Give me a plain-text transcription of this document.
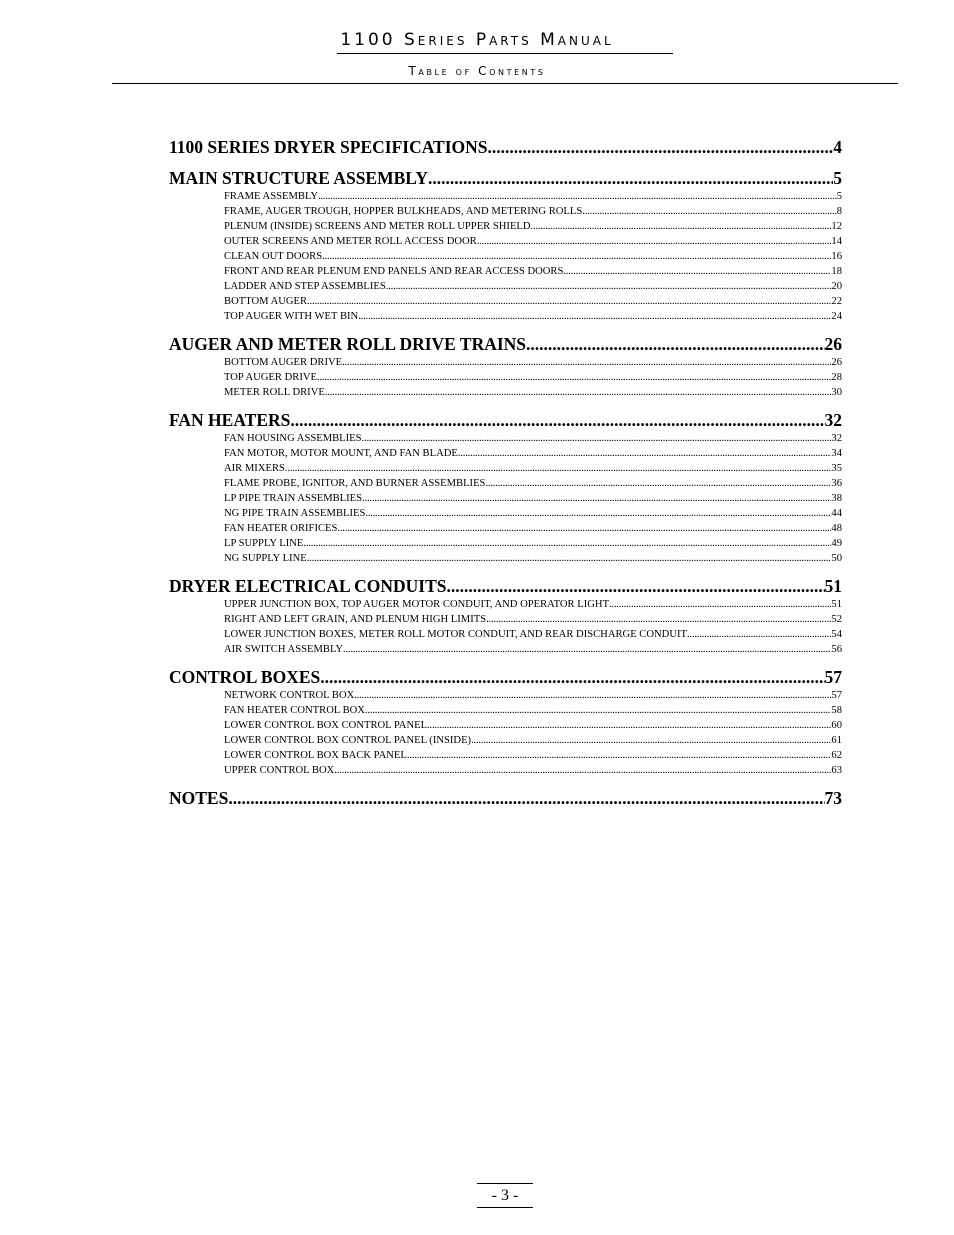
1100 Series Parts Manual
Table of Contents
1100 SERIES DRYER SPECIFICATIONS .....	4
MAIN STRUCTURE ASSEMBLY .....	5
FRAME ASSEMBLY .....	5
FRAME, AUGER TROUGH, HOPPER BULKHEADS, AND METERING ROLLS .....	8
PLENUM (INSIDE) SCREENS AND METER ROLL UPPER SHIELD .....	12
OUTER SCREENS AND METER ROLL ACCESS DOOR .....	14
CLEAN OUT DOORS .....	16
FRONT AND REAR PLENUM END PANELS AND REAR ACCESS DOORS .....	18
LADDER AND STEP ASSEMBLIES .....	20
BOTTOM AUGER .....	22
TOP AUGER WITH WET BIN .....	24
AUGER AND METER ROLL DRIVE TRAINS .....	26
BOTTOM AUGER DRIVE .....	26
TOP AUGER DRIVE .....	28
METER ROLL DRIVE .....	30
FAN HEATERS .....	32
FAN HOUSING ASSEMBLIES .....	32
FAN MOTOR, MOTOR MOUNT, AND FAN BLADE .....	34
AIR MIXERS .....	35
FLAME PROBE, IGNITOR, AND BURNER ASSEMBLIES .....	36
LP PIPE TRAIN ASSEMBLIES .....	38
NG PIPE TRAIN ASSEMBLIES .....	44
FAN HEATER ORIFICES .....	48
LP SUPPLY LINE .....	49
NG SUPPLY LINE .....	50
DRYER ELECTRICAL CONDUITS .....	51
UPPER JUNCTION BOX, TOP AUGER MOTOR CONDUIT, AND OPERATOR LIGHT .....	51
RIGHT AND LEFT GRAIN, AND PLENUM HIGH LIMITS .....	52
LOWER JUNCTION BOXES, METER ROLL MOTOR CONDUIT, AND REAR DISCHARGE CONDUIT .....	54
AIR SWITCH ASSEMBLY .....	56
CONTROL BOXES .....	57
NETWORK CONTROL BOX .....	57
FAN HEATER CONTROL BOX .....	58
LOWER CONTROL BOX CONTROL PANEL .....	60
LOWER CONTROL BOX CONTROL PANEL (INSIDE) .....	61
LOWER CONTROL BOX BACK PANEL .....	62
UPPER CONTROL BOX .....	63
NOTES .....	73
- 3 -
